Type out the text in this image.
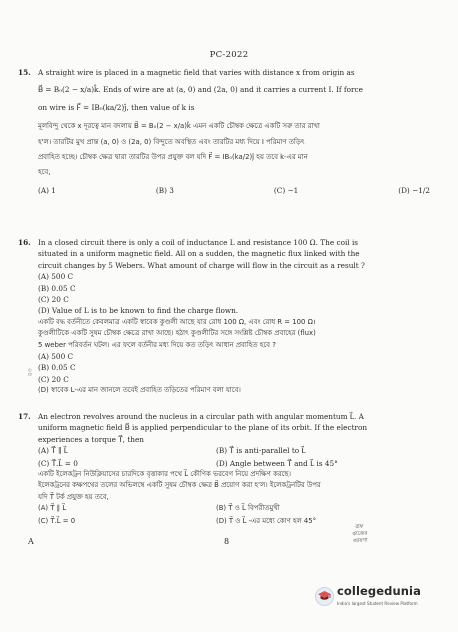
PC-2022
15. A straight wire is placed in a magnetic field that varies with distance x from origin as

B⃗ = B₀(2 − x/a)k̂. Ends of wire are at (a, 0) and (2a, 0) and it carries a current I. If force

on wire is F⃗ = IB₀(ka/2)ĵ, then value of k is

মূলবিন্দু থেকে x দূরত্বে মান বদলায় B⃗ = B₀(2 − x/a)k̂ এমন একটি চৌম্বক ক্ষেত্রে একটি সরু তার রাখা

হ'ল। তারটির মুখ প্রান্ত (a, 0) ও (2a, 0) বিন্দুতে অবস্থিত এবং তারটির মধ্য দিয়ে I পরিমাণ তড়িৎ

প্রবাহিত হচ্ছে। চৌম্বক ক্ষেত্র দ্বারা তারটির উপর প্রযুক্ত বল যদি F⃗ = IB₀(ka/2)ĵ হয় তবে k-এর মান

হবে,

(A) 1	(B) 3	(C) −1	(D) −1/2
16. In a closed circuit there is only a coil of inductance L and resistance 100 Ω. The coil is

situated in a uniform magnetic field. All on a sudden, the magnetic flux linked with the

circuit changes by 5 Webers. What amount of charge will flow in the circuit as a result ?

(A) 500 C
(B) 0.05 C
(C) 20 C
(D) Value of L is to be known to find the charge flown.

একটি বদ্ধ বর্তনীতে কেবলমাত্র একটি স্বাবেক কুণ্ডলী আছে যার রোধ 100 Ω, এবং রোধ R = 100 Ω।

কুণ্ডলীটিকে একটি সুষম চৌম্বক ক্ষেত্রে রাখা আছে। হঠাৎ কুণ্ডলীটির সঙ্গে সংশ্লিষ্ট চৌম্বক প্রবাহের (flux)

5 weber পরিবর্তন ঘটল। এর ফলে বর্তনীর মধ্য দিয়ে কত তড়িৎ আধান প্রবাহিত হবে ?

(A) 500 C
(B) 0.05 C
(C) 20 C
(D) স্বাবেক L-এর মান জানলে তবেই প্রবাহিত তড়িতের পরিমাণ বলা যাবে।
17. An electron revolves around the nucleus in a circular path with angular momentum L⃗. A

uniform magnetic field B⃗ is applied perpendicular to the plane of its orbit. If the electron

experiences a torque T⃗, then

(A) T⃗ ∥ L⃗	(B) T⃗ is anti-parallel to L⃗
(C) T⃗.L⃗ = 0	(D) Angle between T⃗ and L⃗ is 45°

একটি ইলেকট্রন নিউক্লিয়াসের চারদিকে বৃত্তাকার পথে L⃗ কৌণিক ভরবেগ নিয়ে প্রদক্ষিণ করছে।

ইলেকট্রনের কক্ষপথের তলের অভিলম্বে একটি সুষম চৌম্বক ক্ষেত্র B⃗ প্রয়োগ করা হ'ল। ইলেকট্রনটির উপর

যদি T⃗ টর্ক প্রযুক্ত হয় তবে,

(A) T⃗ ∥ L⃗	(B) T⃗ ও L⃗ বিপরীতমুখী
(C) T⃗.L⃗ = 0	(D) T⃗ ও L⃗ -এর মধ্যে কোণ হল 45°
০৪
A	8
রাফ
কাজের
জায়গা
collegedunia
India's largest Student Review Platform
